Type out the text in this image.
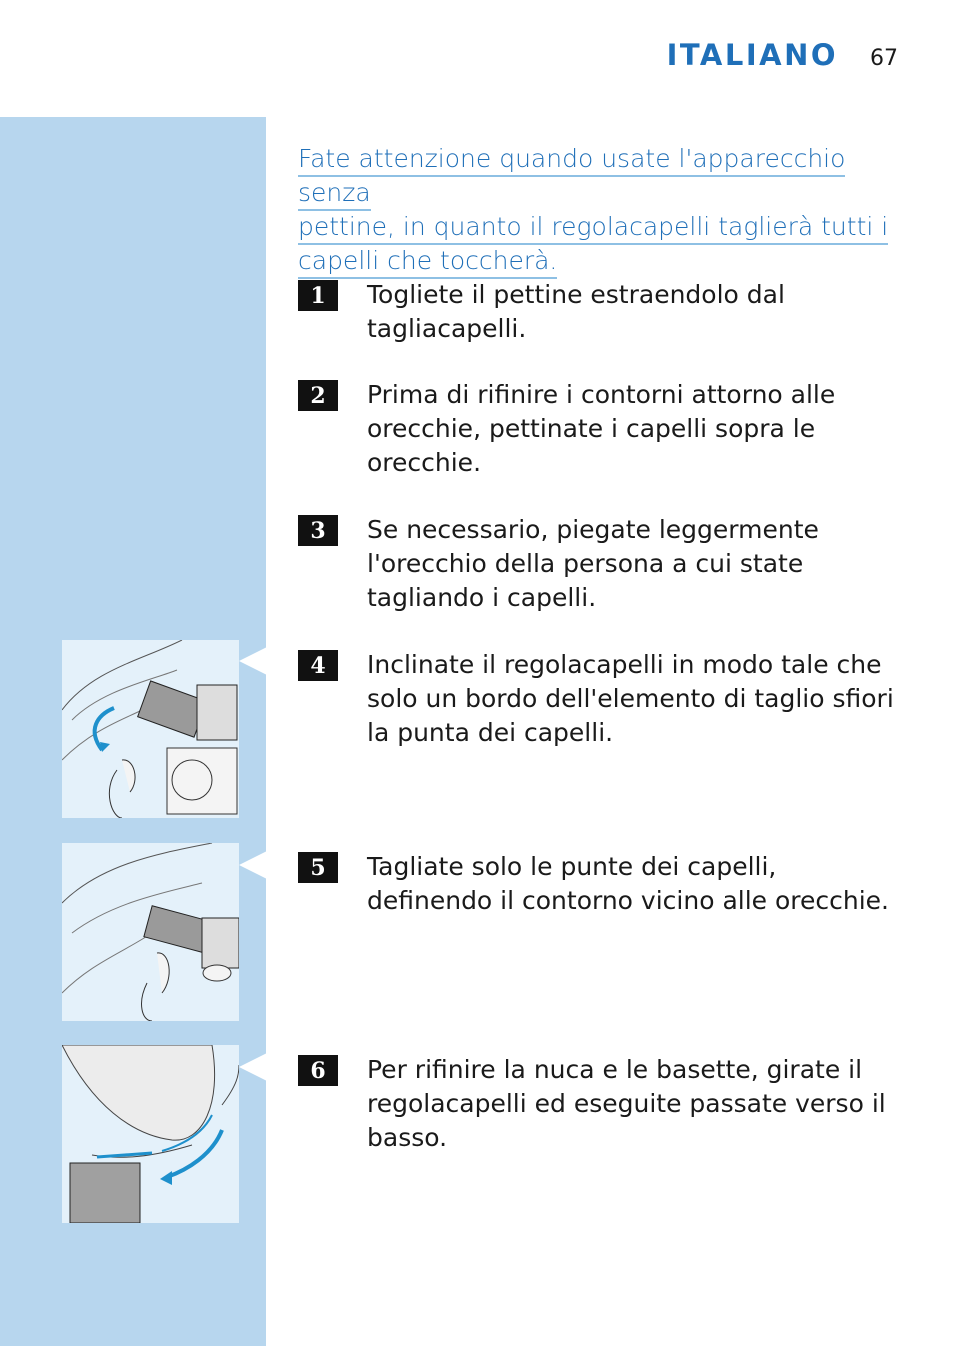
ITALIANO 67
Fate attenzione quando usate l'apparecchio senza
pettine, in quanto il regolacapelli taglierà tutti i
capelli che toccherà.
1	Togliete il pettine estraendolo dal tagliacapelli.
2	Prima di rifinire i contorni attorno alle orecchie, pettinate i capelli sopra le orecchie.
3	Se necessario, piegate leggermente l'orecchio della persona a cui state tagliando i capelli.
4	Inclinate il regolacapelli in modo tale che solo un bordo dell'elemento di taglio sfiori la punta dei capelli.
5	Tagliate solo le punte dei capelli, definendo il contorno vicino alle orecchie.
6	Per rifinire la nuca e le basette, girate il regolacapelli ed eseguite passate verso il basso.
